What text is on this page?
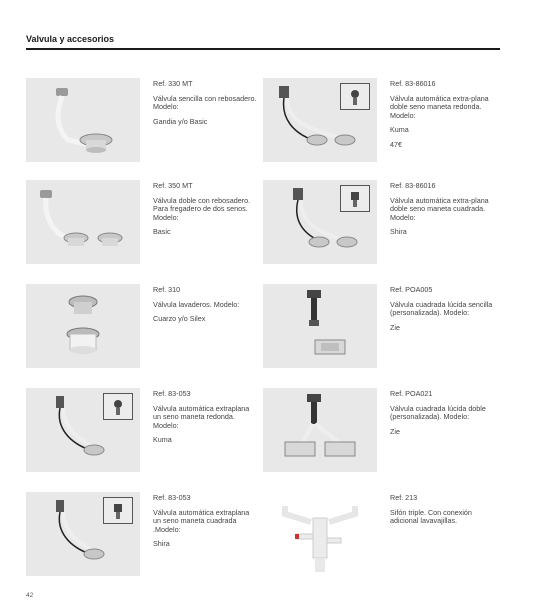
Valvula y accesorios
Ref. 330 MT
Válvula sencilla con rebosadero. Modelo:
Gandia y/o Basic
Ref. 83-86016
Válvula automática extra-plana doble seno maneta redonda. Modelo:
Kuma
47€
Ref. 350 MT
Válvula doble con rebosadero. Para fregadero de dos senos. Modelo:
Basic
Ref. 83-86016
Válvula automática extra-plana doble seno maneta cuadrada. Modelo:
Shira
Ref. 310
Válvula lavaderos. Modelo:
Cuarzo y/o Silex
Ref. POA005
Válvula cuadrada lúcida sencilla (personalizada). Modelo:
Zie
Ref. 83-053
Válvula automática extraplana un seno maneta redonda. Modelo:
Kuma
Ref. POA021
Válvula cuadrada lúcida doble (personalizada). Modelo:
Zie
Ref. 83-053
Válvula automática extraplana un seno maneta cuadrada .Modelo:
Shira
Ref. 213
Sifón triple. Con conexión adicional lavavajillas.
42
